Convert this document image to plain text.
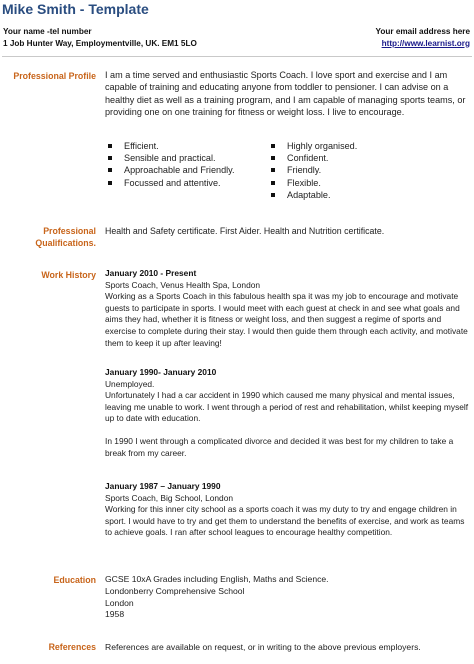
Mike Smith - Template
Your name -tel number
1 Job Hunter Way, Employmentville, UK. EM1 5LO
Your email address here
http://www.learnist.org
Professional Profile I am a time served and enthusiastic Sports Coach. I love sport and exercise and I am capable of training and educating anyone from toddler to pensioner. I can advise on a healthy diet as well as a training program, and I am capable of managing sports teams, or providing one on one training for fitness or weight loss. I live to encourage.
Efficient.
Sensible and practical.
Approachable and Friendly.
Focussed and attentive.
Highly organised.
Confident.
Friendly.
Flexible.
Adaptable.
Professional
Qualifications.
Health and Safety certificate. First Aider. Health and Nutrition certificate.
Work History January 2010 - Present

Sports Coach, Venus Health Spa, London

Working as a Sports Coach in this fabulous health spa it was my job to encourage and motivate guests to participate in sports. I would meet with each guest at check in and see what goals and aims they had, whether it is fitness or weight loss, and then suggest a regime of sports and exercise to complete during their stay. I would then guide them through each activity, and motivate them to keep it up after leaving!

January 1990- January 2010

Unemployed.

Unfortunately I had a car accident in 1990 which caused me many physical and mental issues, leaving me unable to work. I went through a period of rest and rehabilitation, whilst keeping myself up to date with education.

In 1990 I went through a complicated divorce and decided it was best for my children to take a break from my career.

January 1987 – January 1990

Sports Coach, Big School, London

Working for this inner city school as a sports coach it was my duty to try and engage children in sport. I would have to try and get them to understand the benefits of exercise, and work as teams to achieve goals. I ran after school leagues to encourage healthy competition.

Education GCSE 10xA Grades including English, Maths and Science.
Londonberry Comprehensive School
London
1958
References References are available on request, or in writing to the above previous employers.
